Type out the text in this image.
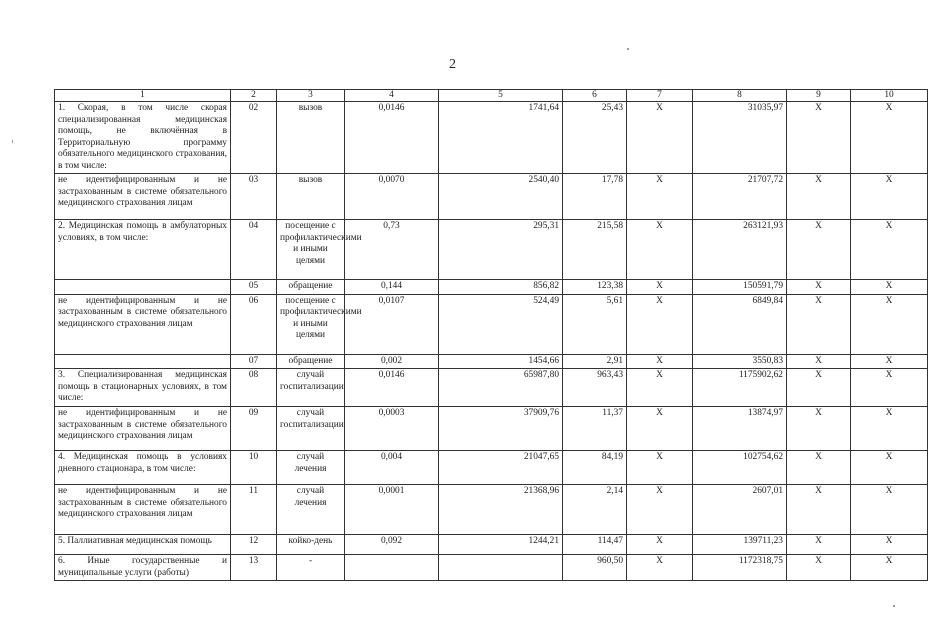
2
1	2	3	4	5	6	7	8	9	10
1. Скорая, в том числе скорая специализированная медицинская помощь, не включённая в Территориальную программу обязательного медицинского страхования, в том числе:	02	вызов	0,0146	1741,64	25,43	X	31035,97	X	X
не идентифицированным и не застрахованным в системе обязательного медицинского страхования лицам	03	вызов	0,0070	2540,40	17,78	X	21707,72	X	X
2. Медицинская помощь в амбулаторных условиях, в том числе:	04	посещение с профилактическими и иными целями	0,73	295,31	215,58	X	263121,93	X	X
	05	обращение	0,144	856,82	123,38	X	150591,79	X	X
не идентифицированным и не застрахованным в системе обязательного медицинского страхования лицам	06	посещение с профилактическими и иными целями	0,0107	524,49	5,61	X	6849,84	X	X
	07	обращение	0,002	1454,66	2,91	X	3550,83	X	X
3. Специализированная медицинская помощь в стационарных условиях, в том числе:	08	случай госпитализации	0,0146	65987,80	963,43	X	1175902,62	X	X
не идентифицированным и не застрахованным в системе обязательного медицинского страхования лицам	09	случай госпитализации	0,0003	37909,76	11,37	X	13874,97	X	X
4. Медицинская помощь в условиях дневного стационара, в том числе:	10	случай лечения	0,004	21047,65	84,19	X	102754,62	X	X
не идентифицированным и не застрахованным в системе обязательного медицинского страхования лицам	11	случай лечения	0,0001	21368,96	2,14	X	2607,01	X	X
5. Паллиативная медицинская помощь	12	койко-день	0,092	1244,21	114,47	X	139711,23	X	X
6. Иные государственные и муниципальные услуги (работы)	13	-			960,50	X	1172318,75	X	X
